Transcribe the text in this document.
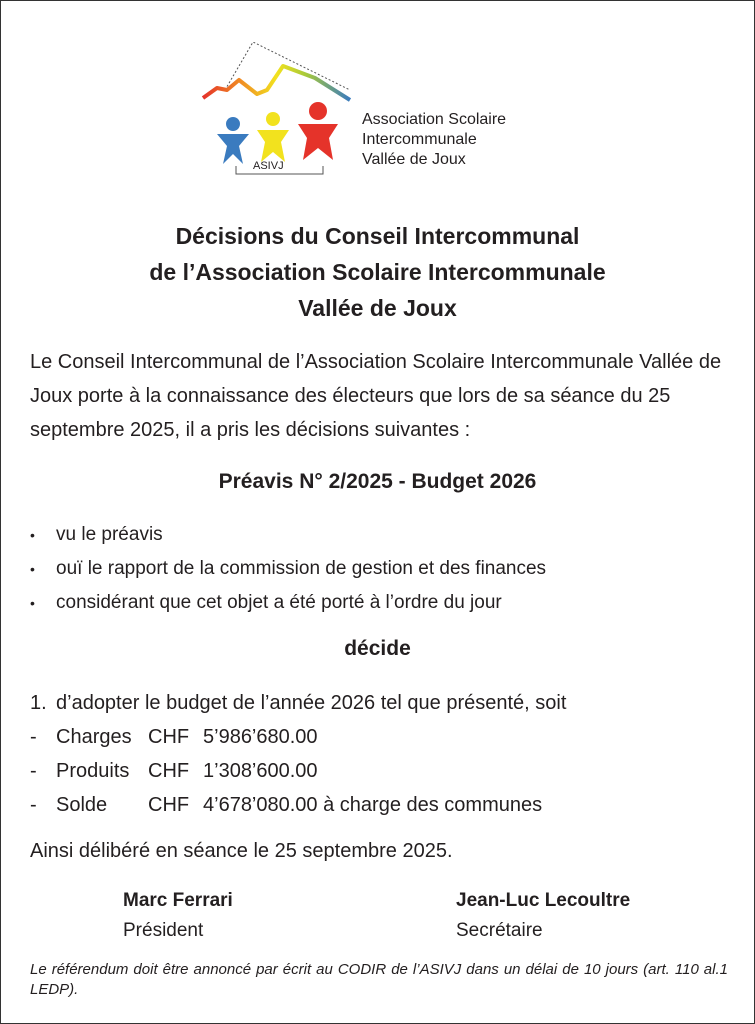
ASIVJ
Association Scolaire
Intercommunale
Vallée de Joux
Décisions du Conseil Intercommunal
de l’Association Scolaire Intercommunale
Vallée de Joux
Le Conseil Intercommunal de l’Association Scolaire Intercommunale Vallée de Joux porte à la connaissance des électeurs que lors de sa séance du 25 septembre 2025, il a pris les décisions suivantes :
Préavis N° 2/2025 - Budget 2026
• vu le préavis
• ouï le rapport de la commission de gestion et des finances
• considérant que cet objet a été porté à l’ordre du jour
décide
1. d’adopter le budget de l’année 2026 tel que présenté, soit
- Charges CHF 5’986’680.00
- Produits CHF 1’308’600.00
- Solde	CHF 4’678’080.00 à charge des communes
Ainsi délibéré en séance le 25 septembre 2025.
Marc Ferrari
Président
Jean-Luc Lecoultre
Secrétaire
Le référendum doit être annoncé par écrit au CODIR de l’ASIVJ dans un délai de 10 jours (art. 110 al.1 LEDP).
